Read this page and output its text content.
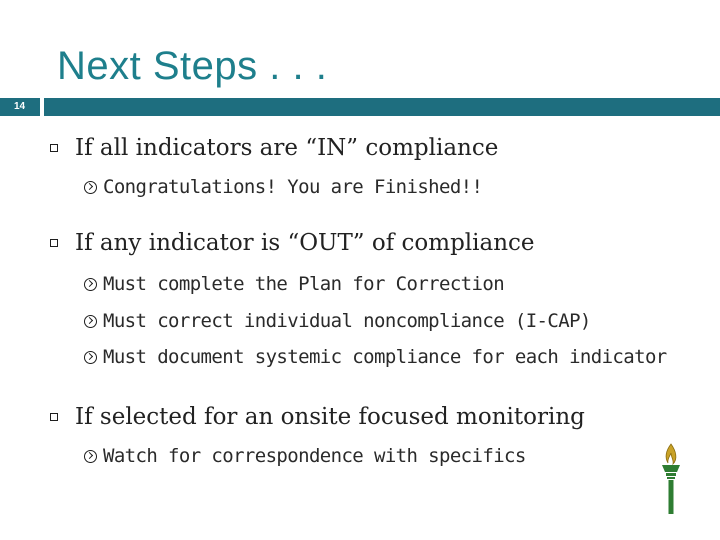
Next Steps . . .
14
If all indicators are “IN” compliance
Congratulations! You are Finished!!
If any indicator is “OUT” of compliance
Must complete the Plan for Correction
Must correct individual noncompliance (I-CAP)
Must document systemic compliance for each indicator
If selected for an onsite focused monitoring
Watch for correspondence with specifics
